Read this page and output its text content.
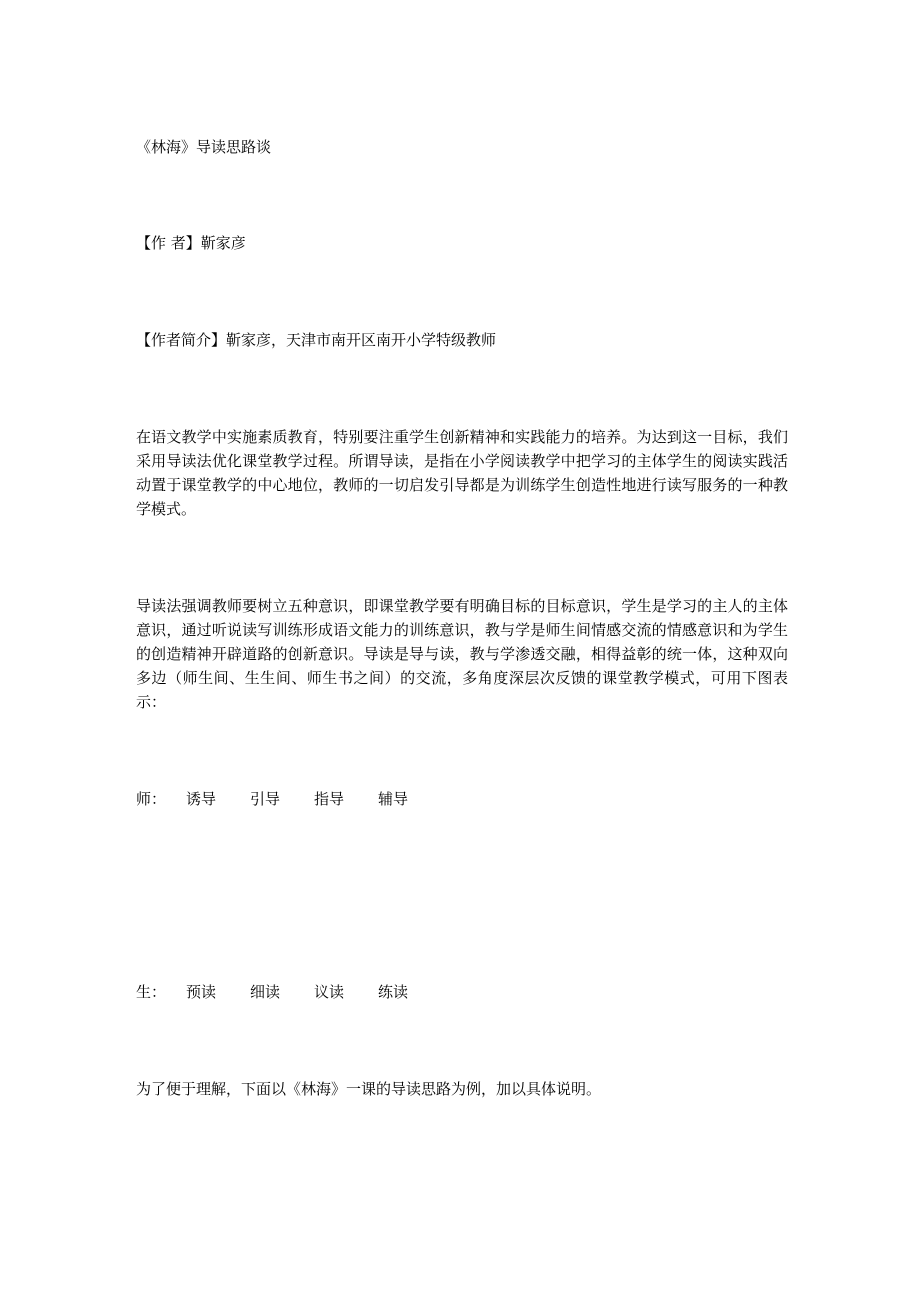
《林海》导读思路谈
【作 者】靳家彦
【作者简介】靳家彦，天津市南开区南开小学特级教师
在语文教学中实施素质教育，特别要注重学生创新精神和实践能力的培养。为达到这一目标，我们采用导读法优化课堂教学过程。所谓导读，是指在小学阅读教学中把学习的主体学生的阅读实践活动置于课堂教学的中心地位，教师的一切启发引导都是为训练学生创造性地进行读写服务的一种教学模式。
导读法强调教师要树立五种意识，即课堂教学要有明确目标的目标意识，学生是学习的主人的主体意识，通过听说读写训练形成语文能力的训练意识，教与学是师生间情感交流的情感意识和为学生的创造精神开辟道路的创新意识。导读是导与读，教与学渗透交融，相得益彰的统一体，这种双向多边（师生间、生生间、师生书之间）的交流，多角度深层次反馈的课堂教学模式，可用下图表示：
师：	诱导	引导	指导	辅导
生：	预读	细读	议读	练读
为了便于理解，下面以《林海》一课的导读思路为例，加以具体说明。
